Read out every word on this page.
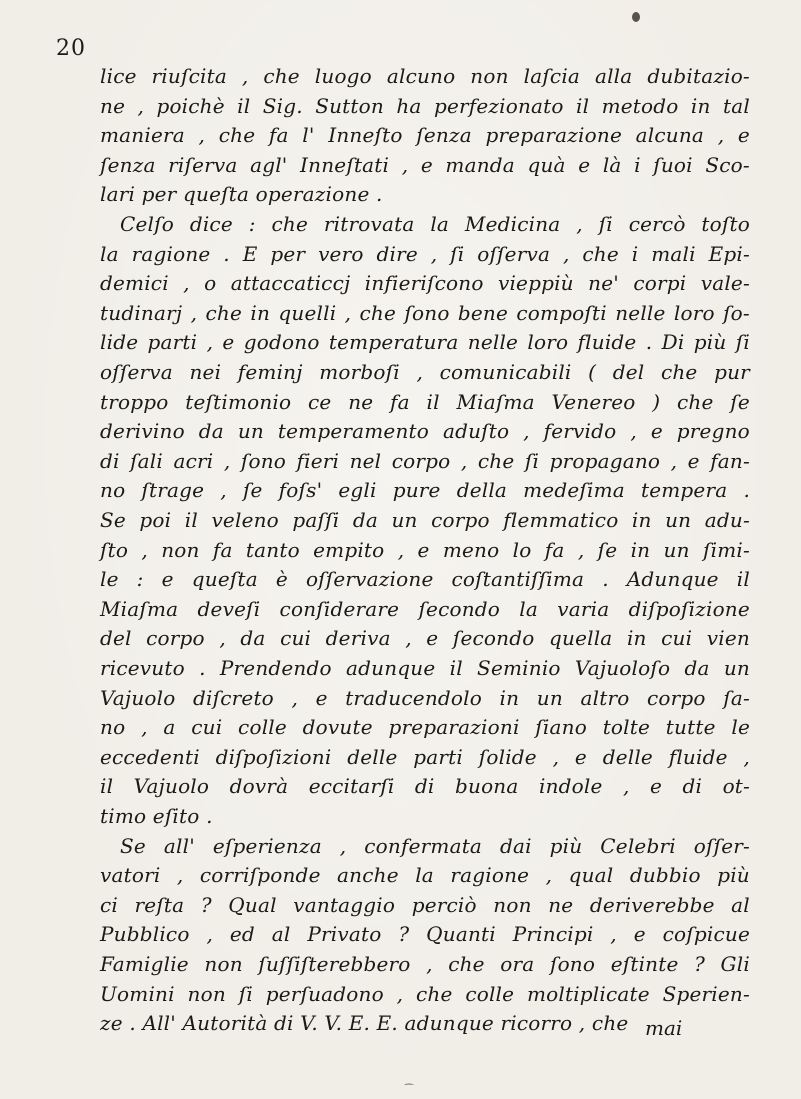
20
lice riuſcita , che luogo alcuno non laſcia alla dubitazio-
ne , poichè il Sig. Sutton ha perfezionato il metodo in tal
maniera , che fa l' Inneſto ſenza preparazione alcuna , e
ſenza riſerva agl' Inneſtati , e manda quà e là i ſuoi Sco-
lari per queſta operazione .
Celſo dice : che ritrovata la Medicina , ſi cercò toſto
la ragione . E per vero dire , ſi oſſerva , che i mali Epi-
demici , o attaccaticcj infieriſcono vieppiù ne' corpi vale-
tudinarj , che in quelli , che ſono bene compoſti nelle loro ſo-
lide parti , e godono temperatura nelle loro fluide . Di più ſi
oſſerva nei feminj morboſi , comunicabili ( del che pur
troppo teſtimonio ce ne fa il Miaſma Venereo ) che ſe
derivino da un temperamento aduſto , fervido , e pregno
di ſali acri , ſono fieri nel corpo , che ſi propagano , e fan-
no ſtrage , ſe foſs' egli pure della medeſima tempera .
Se poi il veleno paſſi da un corpo flemmatico in un adu-
ſto , non fa tanto empito , e meno lo fa , ſe in un ſimi-
le : e queſta è oſſervazione coſtantiſſima . Adunque il
Miaſma deveſi conſiderare ſecondo la varia diſpoſizione
del corpo , da cui deriva , e ſecondo quella in cui vien
ricevuto . Prendendo adunque il Seminio Vajuoloſo da un
Vajuolo diſcreto , e traducendolo in un altro corpo ſa-
no , a cui colle dovute preparazioni ſiano tolte tutte le
eccedenti diſpoſizioni delle parti ſolide , e delle fluide ,
il Vajuolo dovrà eccitarſi di buona indole , e di ot-
timo eſito .
Se all' eſperienza , confermata dai più Celebri oſſer-
vatori , corriſponde anche la ragione , qual dubbio più
ci reſta ? Qual vantaggio perciò non ne deriverebbe al
Pubblico , ed al Privato ? Quanti Principi , e coſpicue
Famiglie non ſuſſiſterebbero , che ora ſono eſtinte ? Gli
Uomini non ſi perſuadono , che colle moltiplicate Sperien-
ze . All' Autorità di V. V. E. E. adunque ricorro , che mai
⁀
